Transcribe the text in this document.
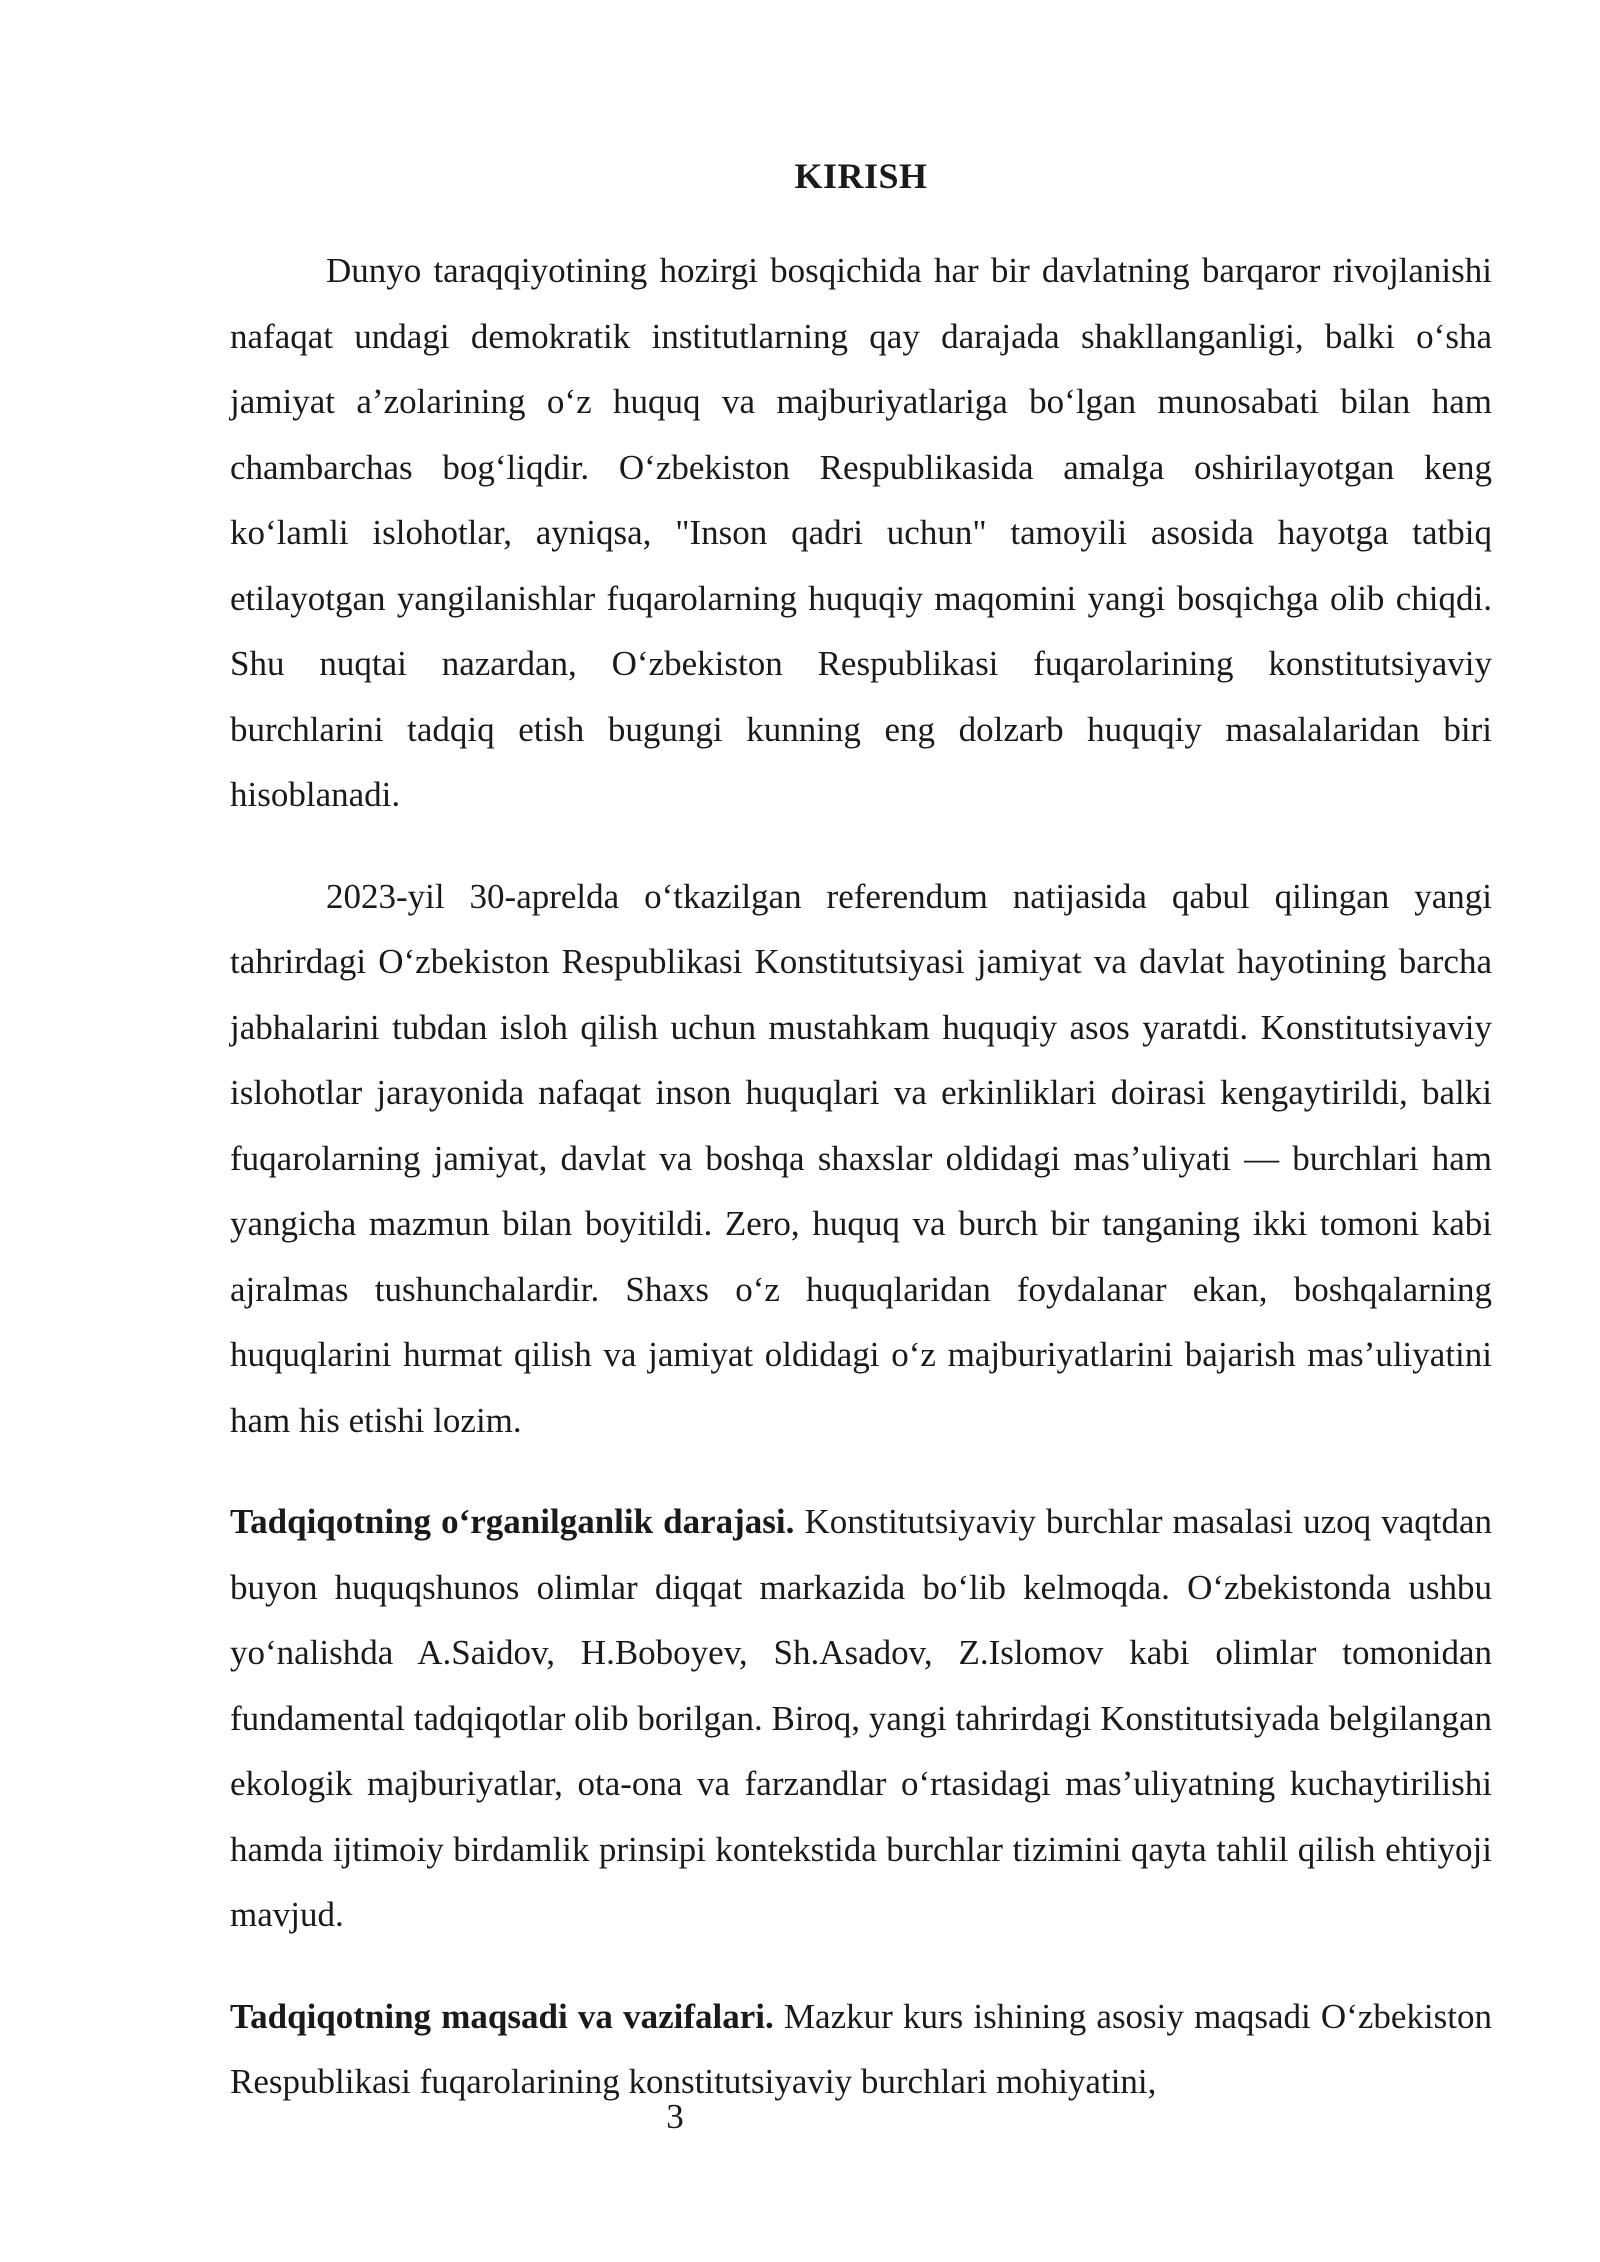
KIRISH

Dunyo taraqqiyotining hozirgi bosqichida har bir davlatning barqaror rivojlanishi nafaqat undagi demokratik institutlarning qay darajada shakllanganligi, balki oʻsha jamiyat aʼzolarining oʻz huquq va majburiyatlariga boʻlgan munosabati bilan ham chambarchas bogʻliqdir. Oʻzbekiston Respublikasida amalga oshirilayotgan keng koʻlamli islohotlar, ayniqsa, "Inson qadri uchun" tamoyili asosida hayotga tatbiq etilayotgan yangilanishlar fuqarolarning huquqiy maqomini yangi bosqichga olib chiqdi. Shu nuqtai nazardan, Oʻzbekiston Respublikasi fuqarolarining konstitutsiyaviy burchlarini tadqiq etish bugungi kunning eng dolzarb huquqiy masalalaridan biri hisoblanadi.

2023-yil 30-aprelda oʻtkazilgan referendum natijasida qabul qilingan yangi tahrirdagi Oʻzbekiston Respublikasi Konstitutsiyasi jamiyat va davlat hayotining barcha jabhalarini tubdan isloh qilish uchun mustahkam huquqiy asos yaratdi. Konstitutsiyaviy islohotlar jarayonida nafaqat inson huquqlari va erkinliklari doirasi kengaytirildi, balki fuqarolarning jamiyat, davlat va boshqa shaxslar oldidagi masʼuliyati — burchlari ham yangicha mazmun bilan boyitildi. Zero, huquq va burch bir tanganing ikki tomoni kabi ajralmas tushunchalardir. Shaxs oʻz huquqlaridan foydalanar ekan, boshqalarning huquqlarini hurmat qilish va jamiyat oldidagi oʻz majburiyatlarini bajarish masʼuliyatini ham his etishi lozim.

Tadqiqotning oʻrganilganlik darajasi. Konstitutsiyaviy burchlar masalasi uzoq vaqtdan buyon huquqshunos olimlar diqqat markazida boʻlib kelmoqda. Oʻzbekistonda ushbu yoʻnalishda A.Saidov, H.Boboyev, Sh.Asadov, Z.Islomov kabi olimlar tomonidan fundamental tadqiqotlar olib borilgan. Biroq, yangi tahrirdagi Konstitutsiyada belgilangan ekologik majburiyatlar, ota-ona va farzandlar oʻrtasidagi masʼuliyatning kuchaytirilishi hamda ijtimoiy birdamlik prinsipi kontekstida burchlar tizimini qayta tahlil qilish ehtiyoji mavjud.

Tadqiqotning maqsadi va vazifalari. Mazkur kurs ishining asosiy maqsadi Oʻzbekiston Respublikasi fuqarolarining konstitutsiyaviy burchlari mohiyatini,

3
